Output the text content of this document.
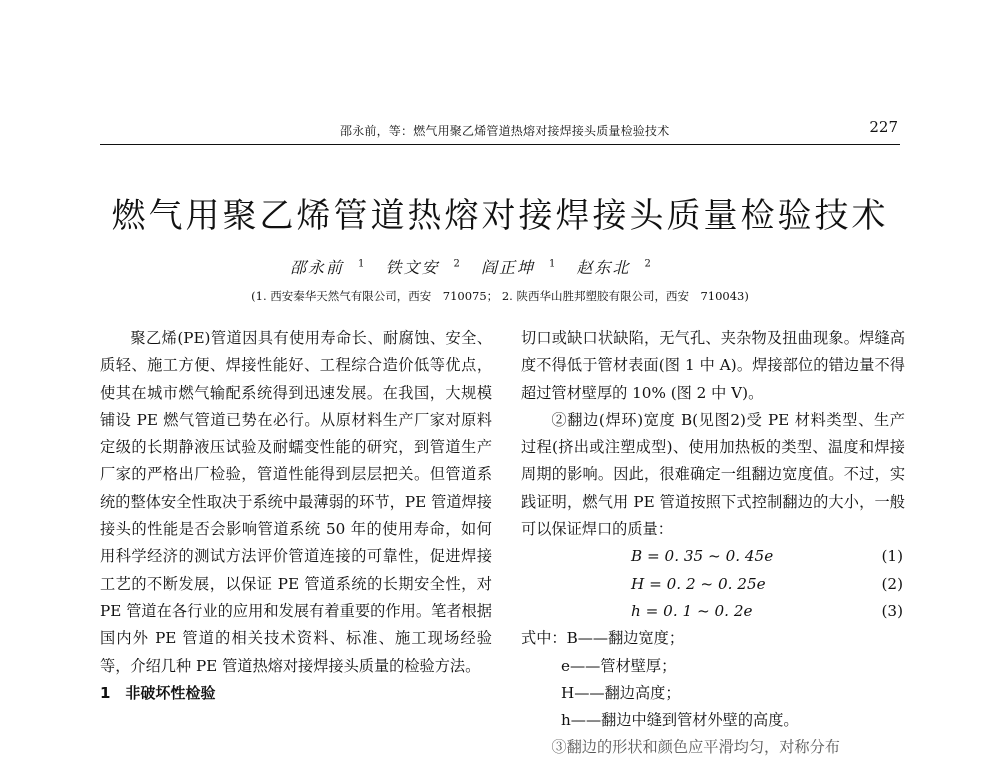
邵永前，等：燃气用聚乙烯管道热熔对接焊接头质量检验技术	227
燃气用聚乙烯管道热熔对接焊接头质量检验技术
邵永前 $^1$ 铁文安 $^2$ 阎正坤 $^1$ 赵东北 $^2$
(1. 西安秦华天然气有限公司，西安　710075； 2. 陕西华山胜邦塑胶有限公司，西安　710043)

聚乙烯(PE)管道因具有使用寿命长、耐腐蚀、安全、质轻、施工方便、焊接性能好、工程综合造价低等优点，使其在城市燃气输配系统得到迅速发展。在我国，大规模铺设 PE 燃气管道已势在必行。从原材料生产厂家对原料定级的长期静液压试验及耐蠕变性能的研究，到管道生产厂家的严格出厂检验，管道性能得到层层把关。但管道系统的整体安全性取决于系统中最薄弱的环节，PE 管道焊接接头的性能是否会影响管道系统 50 年的使用寿命，如何用科学经济的测试方法评价管道连接的可靠性，促进焊接工艺的不断发展，以保证 PE 管道系统的长期安全性，对 PE 管道在各行业的应用和发展有着重要的作用。笔者根据国内外 PE 管道的相关技术资料、标准、施工现场经验等，介绍几种 PE 管道热熔对接焊接头质量的检验方法。

1　非破坏性检验

切口或缺口状缺陷，无气孔、夹杂物及扭曲现象。焊缝高度不得低于管材表面(图 1 中 A)。焊接部位的错边量不得超过管材壁厚的 10% (图 2 中 V)。

②翻边(焊环)宽度 B(见图2)受 PE 材料类型、生产过程(挤出或注塑成型)、使用加热板的类型、温度和焊接周期的影响。因此，很难确定一组翻边宽度值。不过，实践证明，燃气用 PE 管道按照下式控制翻边的大小，一般可以保证焊口的质量：

B = 0. 35 ~ 0. 45e	(1)
H = 0. 2 ~ 0. 25e	(2)
h = 0. 1 ~ 0. 2e	(3)

式中：B——翻边宽度；

e——管材壁厚；

H——翻边高度；

h——翻边中缝到管材外壁的高度。

③翻边的形状和颜色应平滑均匀，对称分布
